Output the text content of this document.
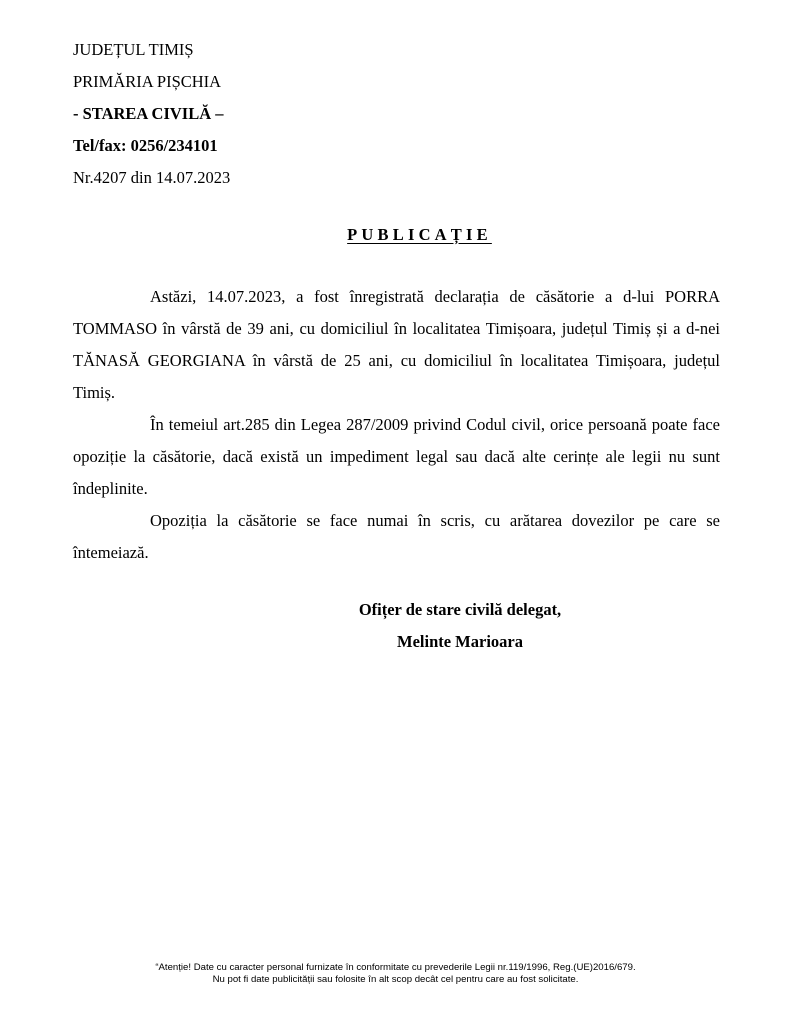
JUDEȚUL TIMIȘ
PRIMĂRIA PIȘCHIA
- STAREA CIVILĂ –
Tel/fax: 0256/234101
Nr.4207 din 14.07.2023
PUBLICAȚIE

Astăzi, 14.07.2023, a fost înregistrată declarația de căsătorie a d-lui PORRA TOMMASO în vârstă de 39 ani, cu domiciliul în localitatea Timișoara, județul Timiș și a d-nei TĂNASĂ GEORGIANA în vârstă de 25 ani, cu domiciliul în localitatea Timișoara, județul Timiș.

În temeiul art.285 din Legea 287/2009 privind Codul civil, orice persoană poate face opoziție la căsătorie, dacă există un impediment legal sau dacă alte cerințe ale legii nu sunt îndeplinite.

Opoziția la căsătorie se face numai în scris, cu arătarea dovezilor pe care se întemeiază.

Ofițer de stare civilă delegat,
Melinte Marioara
“Atenție! Date cu caracter personal furnizate în conformitate cu prevederile Legii nr.119/1996, Reg.(UE)2016/679.
Nu pot fi date publicității sau folosite în alt scop decât cel pentru care au fost solicitate.
